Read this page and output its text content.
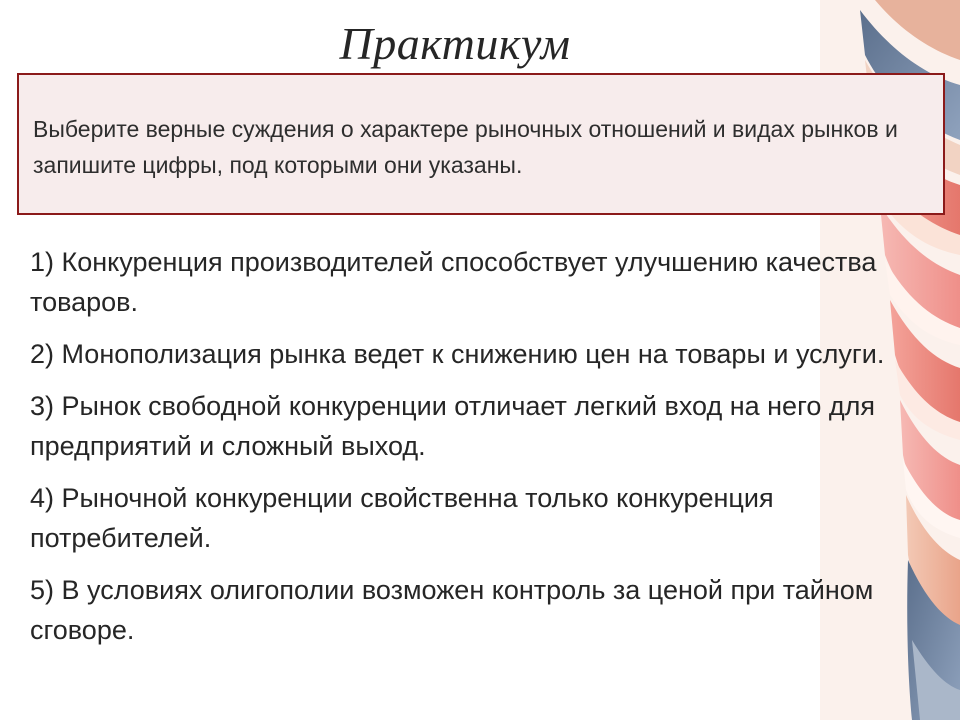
Практикум

Выберите верные суждения о характере рыночных отношений и видах рынков и запишите цифры, под которыми они указаны.

1) Конкуренция производителей способствует улучшению качества товаров.
2) Монополизация рынка ведет к снижению цен на товары и услуги.
3) Рынок свободной конкуренции отличает легкий вход на него для предприятий и сложный выход.
4) Рыночной конкуренции свойственна только конкуренция потребителей.
5) В условиях олигополии возможен контроль за ценой при тайном сговоре.
